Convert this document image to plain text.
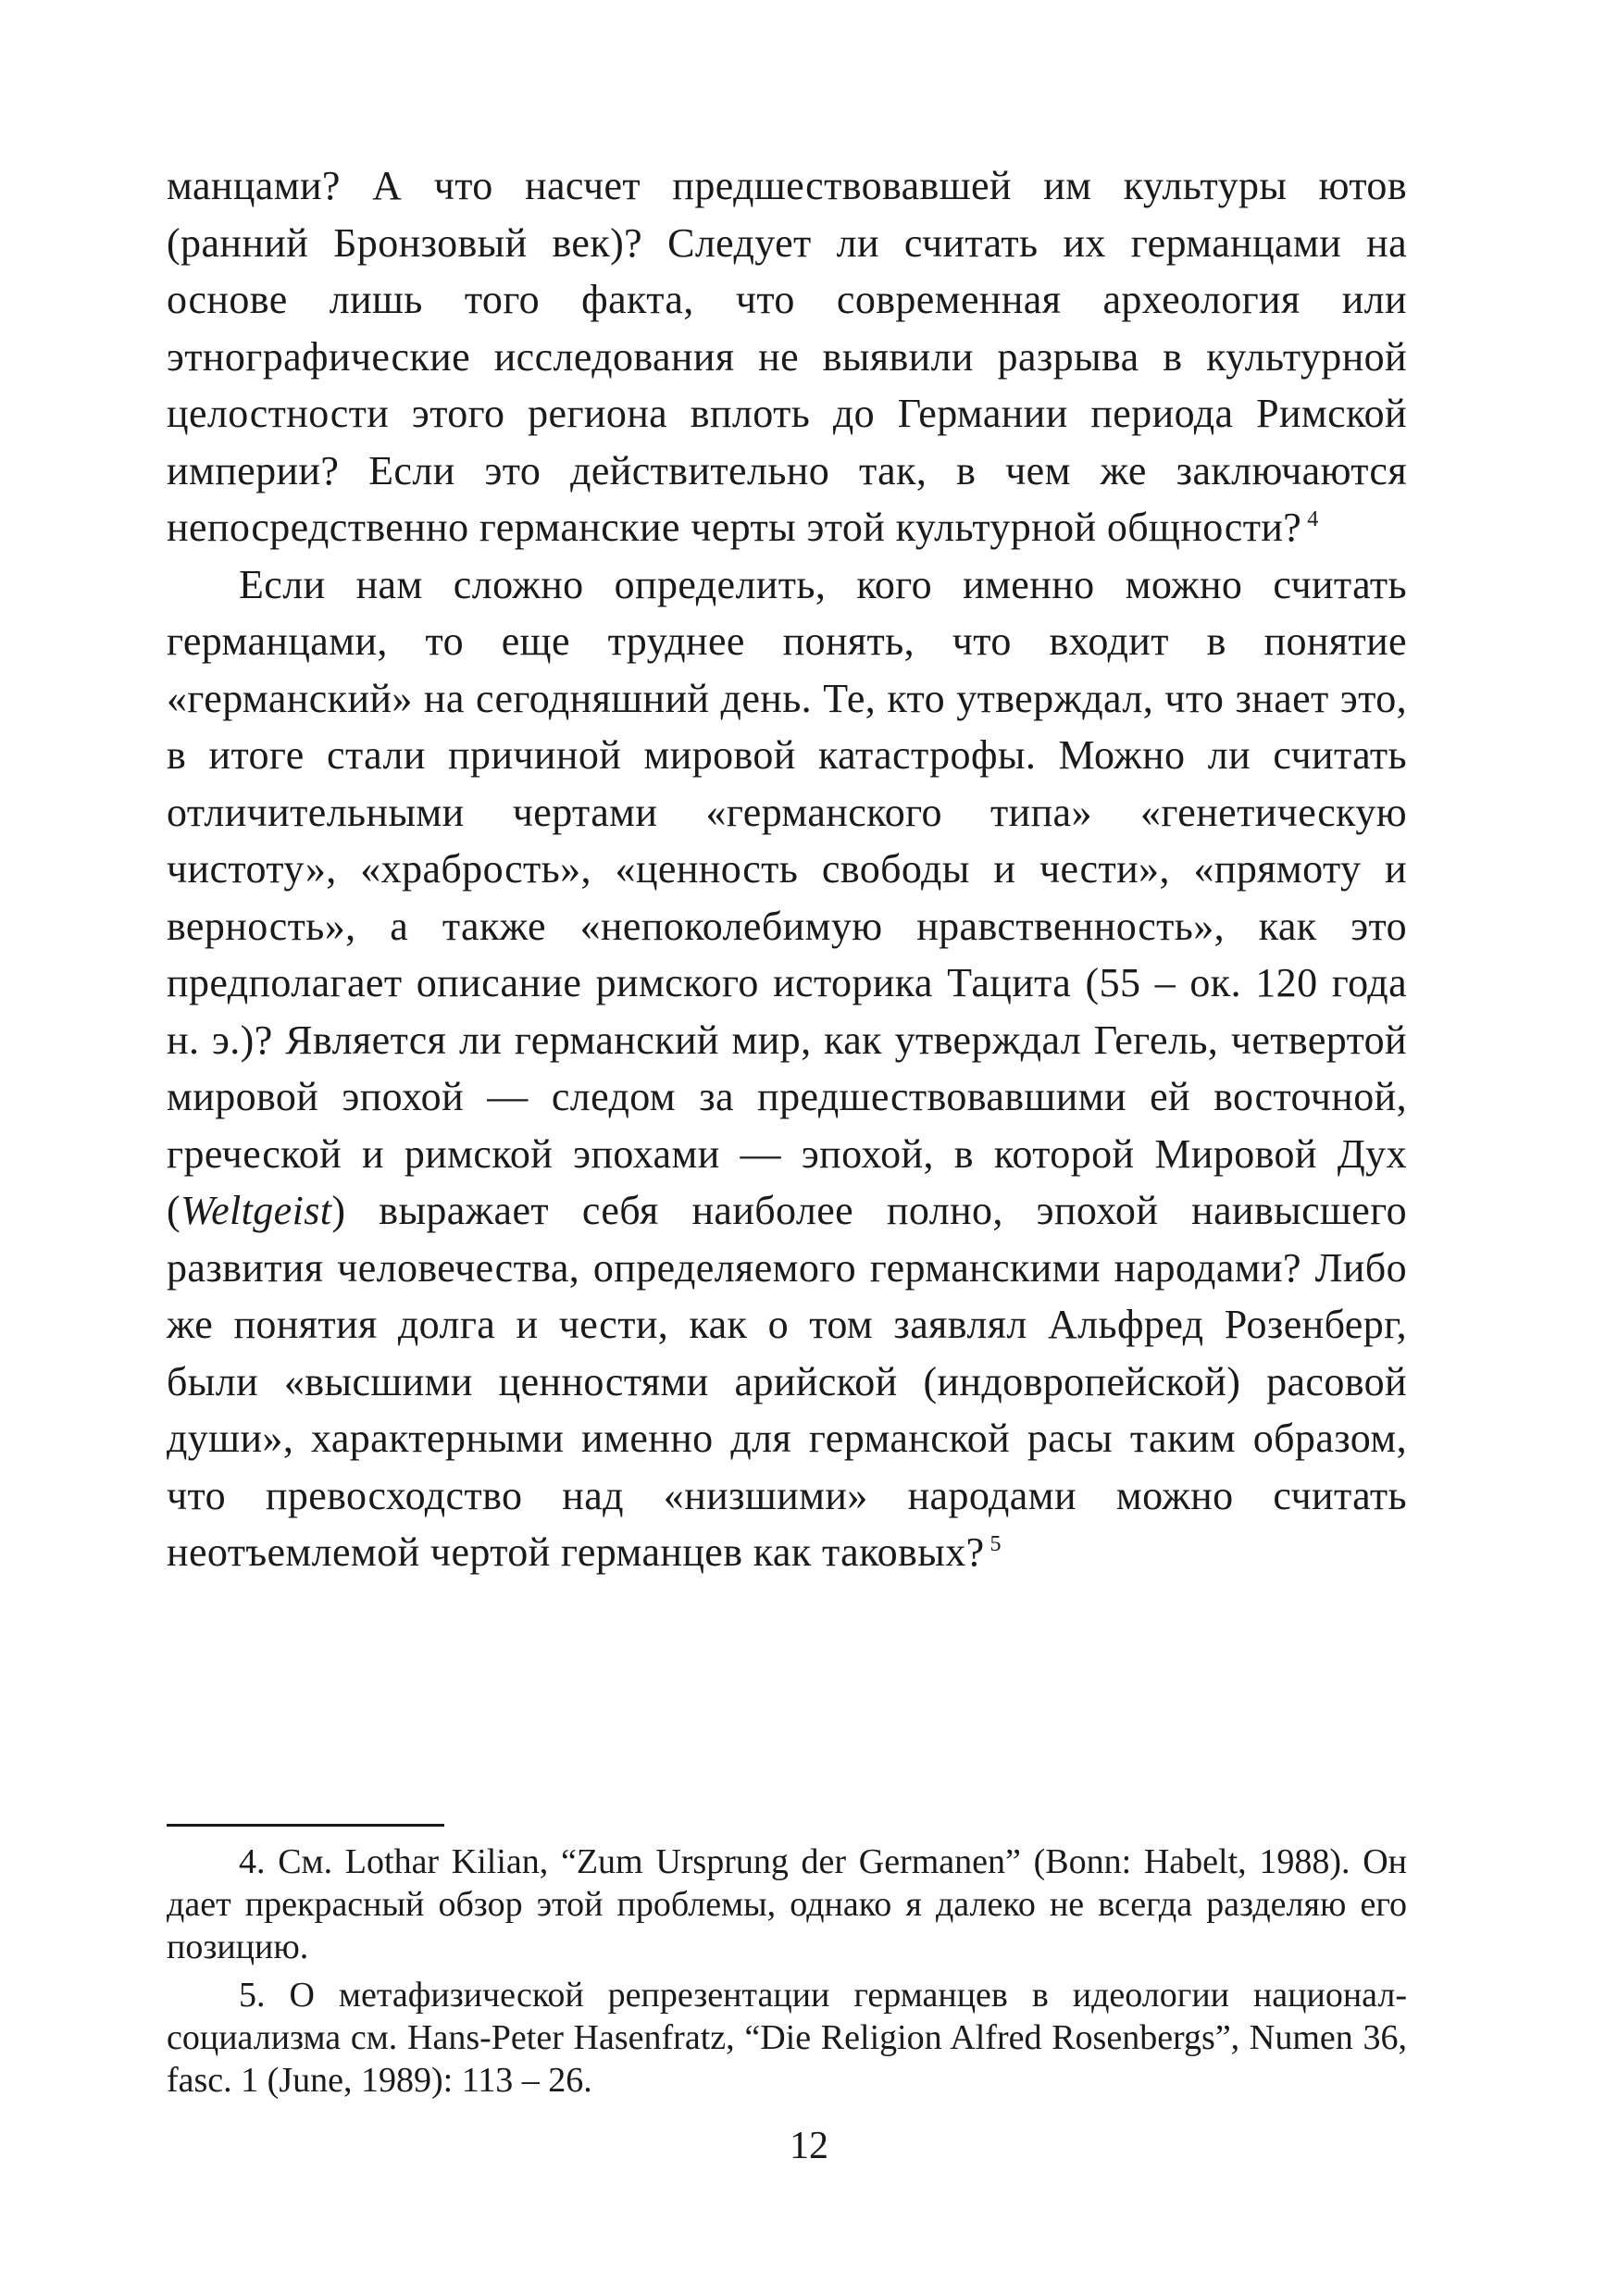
манцами? А что насчет предшествовавшей им культуры ютов (ранний Бронзовый век)? Следует ли считать их германцами на основе лишь того факта, что современная археология или этнографические исследования не выявили разрыва в культурной целостности этого региона вплоть до Германии периода Римской империи? Если это действительно так, в чем же заключаются непосредственно германские черты этой культурной общности? $^4$

Если нам сложно определить, кого именно можно считать германцами, то еще труднее понять, что входит в понятие «германский» на сегодняшний день. Те, кто утверждал, что знает это, в итоге стали причиной мировой катастрофы. Можно ли считать отличительными чертами «германского типа» «генетическую чистоту», «храбрость», «ценность свободы и чести», «прямоту и верность», а также «непоколебимую нравственность», как это предполагает описание римского историка Тацита (55 – ок. 120 года н. э.)? Является ли германский мир, как утверждал Гегель, четвертой мировой эпохой — следом за предшествовавшими ей восточной, греческой и римской эпохами — эпохой, в которой Мировой Дух (Weltgeist) выражает себя наиболее полно, эпохой наивысшего развития человечества, определяемого германскими народами? Либо же понятия долга и чести, как о том заявлял Альфред Розенберг, были «высшими ценностями арийской (индовропейской) расовой души», характерными именно для германской расы таким образом, что превосходство над «низшими» народами можно считать неотъемлемой чертой германцев как таковых? $^5$

4. См. Lothar Kilian, “Zum Ursprung der Germanen” (Bonn: Habelt, 1988). Он дает прекрасный обзор этой проблемы, однако я далеко не всегда разделяю его позицию.

5. О метафизической репрезентации германцев в идеологии национал-социализма см. Hans-Peter Hasenfratz, “Die Religion Alfred Rosenbergs”, Numen 36, fasc. 1 (June, 1989): 113 – 26.

12
